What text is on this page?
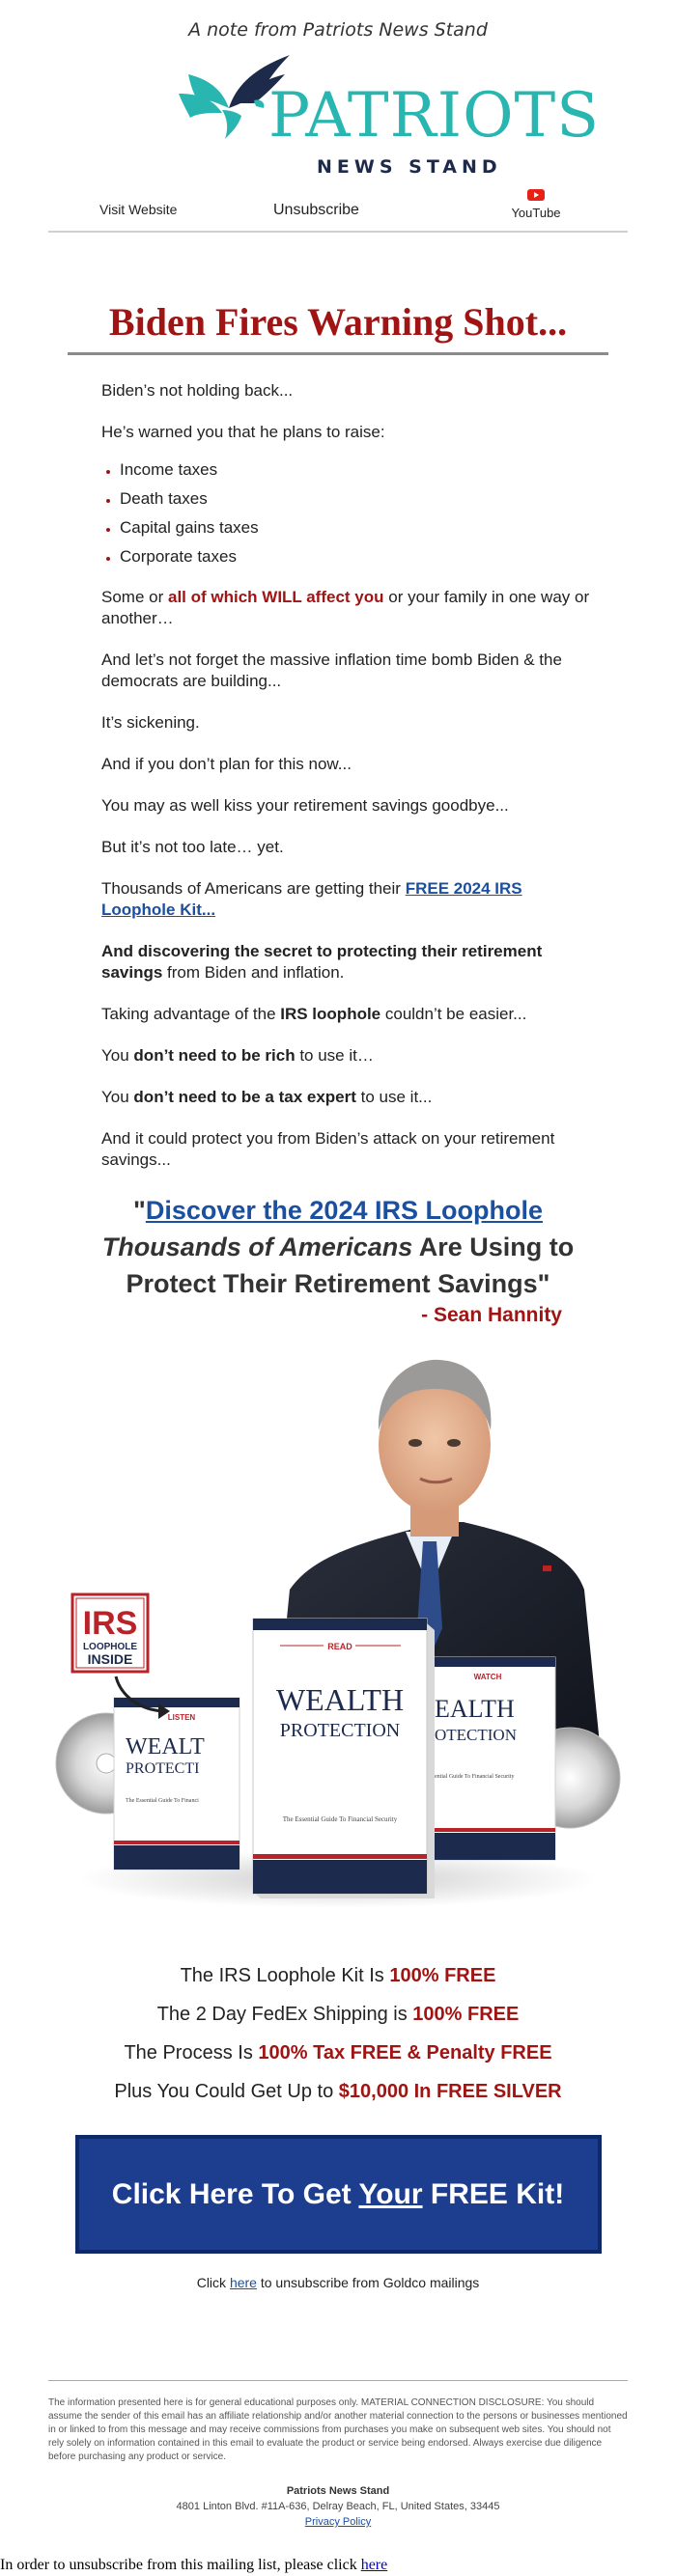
A note from Patriots News Stand
PATRIOTS
NEWS STAND
Visit Website	Unsubscribe	YouTube
Biden Fires Warning Shot...

Biden’s not holding back...

He’s warned you that he plans to raise:

• Income taxes
• Death taxes
• Capital gains taxes
• Corporate taxes

Some or all of which WILL affect you or your family in one way or another…

And let’s not forget the massive inflation time bomb Biden & the democrats are building...

It’s sickening.

And if you don’t plan for this now...

You may as well kiss your retirement savings goodbye...

But it’s not too late… yet.

Thousands of Americans are getting their FREE 2024 IRS Loophole Kit...

And discovering the secret to protecting their retirement savings from Biden and inflation.

Taking advantage of the IRS loophole couldn’t be easier...

You don’t need to be rich to use it…

You don’t need to be a tax expert to use it...

And it could protect you from Biden’s attack on your retirement savings...

"Discover the 2024 IRS Loophole
Thousands of Americans Are Using to
Protect Their Retirement Savings"
- Sean Hannity
LISTEN
WEALT
PROTECTI
The Essential Guide To Financi
WATCH
EALTH
OTECTION
ential Guide To Financial Security
READ
WEALTH
PROTECTION
The Essential Guide To Financial Security
IRS
LOOPHOLE
INSIDE

The IRS Loophole Kit Is 100% FREE

The 2 Day FedEx Shipping is 100% FREE

The Process Is 100% Tax FREE & Penalty FREE

Plus You Could Get Up to $10,000 In FREE SILVER

Click Here To Get Your FREE Kit!
Click here to unsubscribe from Goldco mailings

The information presented here is for general educational purposes only. MATERIAL CONNECTION DISCLOSURE: You should assume the sender of this email has an affiliate relationship and/or another material connection to the persons or businesses mentioned in or linked to from this message and may receive commissions from purchases you make on subsequent web sites. You should not rely solely on information contained in this email to evaluate the product or service being endorsed. Always exercise due diligence before purchasing any product or service.

Patriots News Stand
4801 Linton Blvd. #11A-636, Delray Beach, FL, United States, 33445
Privacy Policy
In order to unsubscribe from this mailing list, please click here
